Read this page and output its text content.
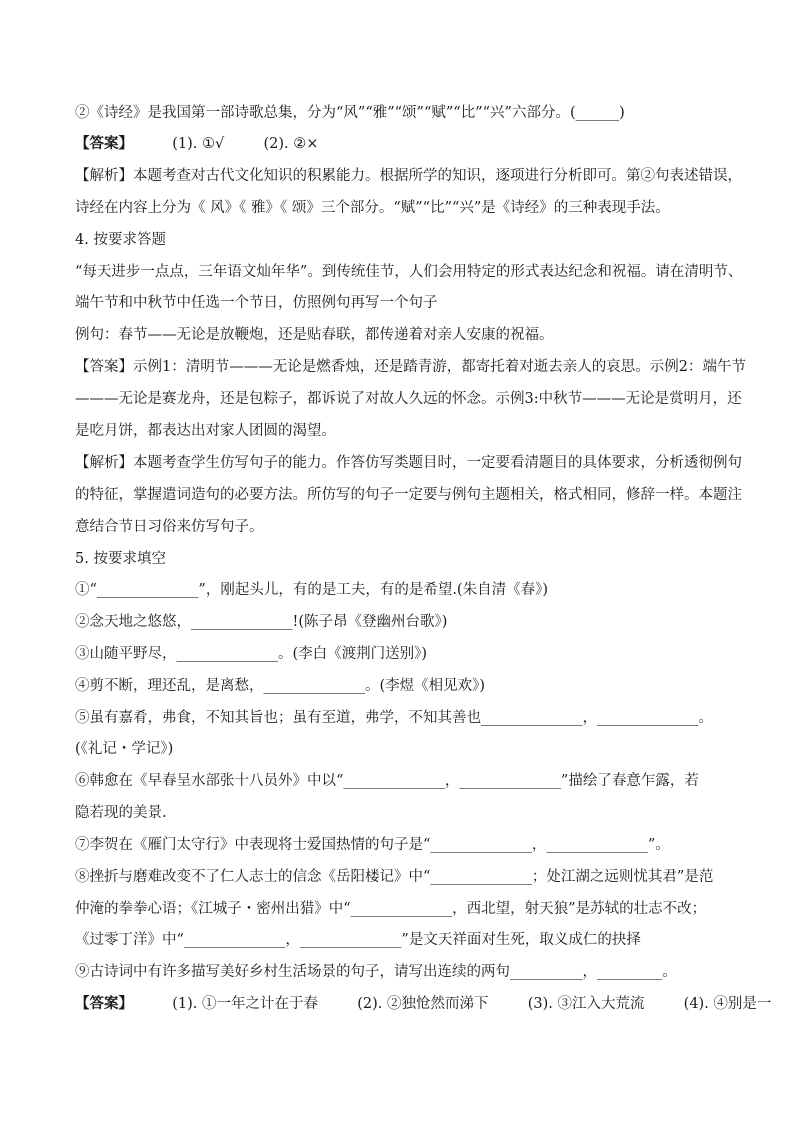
②《诗经》是我国第一部诗歌总集，分为“风”“雅”“颂”“赋”“比”“兴”六部分。(______)
【答案】	(1). ①√	(2). ②×
【解析】本题考查对古代文化知识的积累能力。根据所学的知识，逐项进行分析即可。第②句表述错误，
诗经在内容上分为《 风》《 雅》《 颂》三个部分。“赋”“比”“兴”是《诗经》的三种表现手法。
4. 按要求答题
“每天进步一点点，三年语文灿年华”。到传统佳节，人们会用特定的形式表达纪念和祝福。请在清明节、
端午节和中秋节中任选一个节日，仿照例句再写一个句子
例句：春节——无论是放鞭炮，还是贴春联，都传递着对亲人安康的祝福。
【答案】示例1：清明节———无论是燃香烛，还是踏青游，都寄托着对逝去亲人的哀思。示例2：端午节
———无论是赛龙舟，还是包粽子，都诉说了对故人久远的怀念。示例3:中秋节———无论是赏明月，还
是吃月饼，都表达出对家人团圆的渴望。
【解析】本题考查学生仿写句子的能力。作答仿写类题目时，一定要看清题目的具体要求，分析透彻例句
的特征，掌握遣词造句的必要方法。所仿写的句子一定要与例句主题相关，格式相同，修辞一样。本题注
意结合节日习俗来仿写句子。
5. 按要求填空
①“______________”，刚起头儿，有的是工夫，有的是希望.(朱自清《春》)
②念天地之悠悠，______________!(陈子昂《登幽州台歌》)
③山随平野尽，______________。(李白《渡荆门送别》)
④剪不断，理还乱，是离愁，______________。(李煜《相见欢》)
⑤虽有嘉肴，弗食，不知其旨也；虽有至道，弗学，不知其善也______________，______________。
(《礼记・学记》)
⑥韩愈在《早春呈水部张十八员外》中以“______________，______________”描绘了春意乍露，若
隐若现的美景.
⑦李贺在《雁门太守行》中表现将士爱国热情的句子是“______________，______________”。
⑧挫折与磨难改变不了仁人志士的信念《岳阳楼记》中“______________；处江湖之远则忧其君”是范
仲淹的拳拳心语；《江城子・密州出猎》中“______________，西北望，射天狼”是苏轼的壮志不改；
《过零丁洋》中“______________，______________”是文天祥面对生死，取义成仁的抉择
⑨古诗词中有许多描写美好乡村生活场景的句子，请写出连续的两句__________，_________。
【答案】	(1). ①一年之计在于春	(2). ②独怆然而涕下	(3). ③江入大荒流	(4). ④别是一
